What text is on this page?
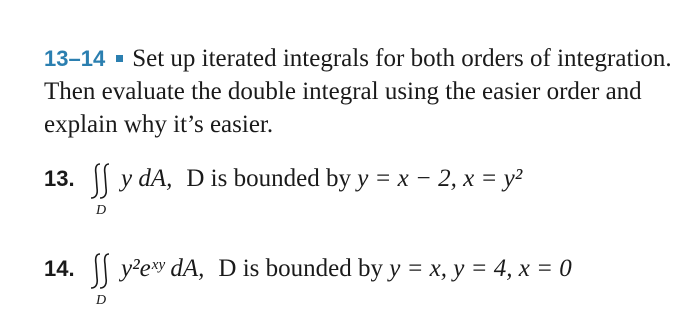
13–14 Set up iterated integrals for both orders of integration.
Then evaluate the double integral using the easier order and
explain why it’s easier.
13.
D
y dA, D is bounded by y = x − 2, x = y²
14.
D
y²eˣʸ dA, D is bounded by y = x, y = 4, x = 0
